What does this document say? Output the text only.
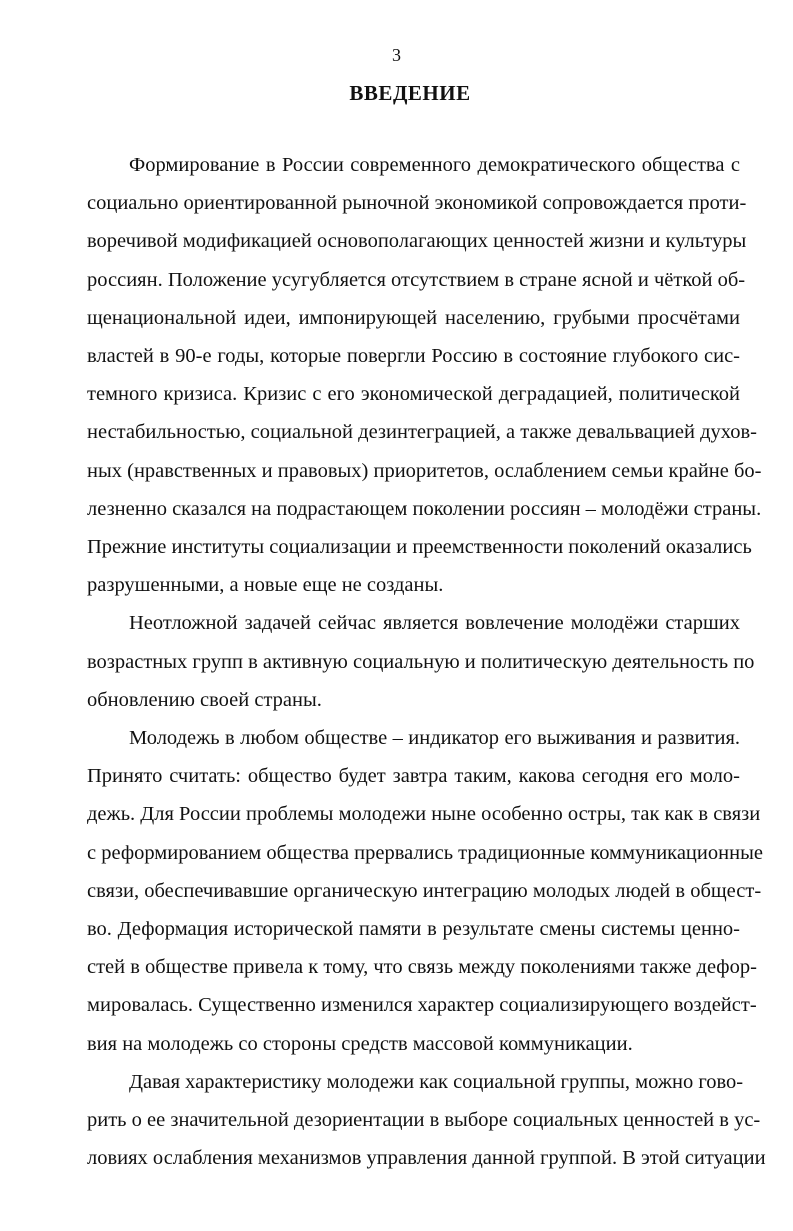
3
ВВЕДЕНИЕ

Формирование в России современного демократического общества с
социально ориентированной рыночной экономикой сопровождается проти-
воречивой модификацией основополагающих ценностей жизни и культуры
россиян. Положение усугубляется отсутствием в стране ясной и чёткой об-
щенациональной идеи, импонирующей населению, грубыми просчётами
властей в 90-е годы, которые повергли Россию в состояние глубокого сис-
темного кризиса. Кризис с его экономической деградацией, политической
нестабильностью, социальной дезинтеграцией, а также девальвацией духов-
ных (нравственных и правовых) приоритетов, ослаблением семьи крайне бо-
лезненно сказался на подрастающем поколении россиян – молодёжи страны.
Прежние институты социализации и преемственности поколений оказались
разрушенными, а новые еще не созданы.

Неотложной задачей сейчас является вовлечение молодёжи старших
возрастных групп в активную социальную и политическую деятельность по
обновлению своей страны.

Молодежь в любом обществе – индикатор его выживания и развития.
Принято считать: общество будет завтра таким, какова сегодня его моло-
дежь. Для России проблемы молодежи ныне особенно остры, так как в связи
с реформированием общества прервались традиционные коммуникационные
связи, обеспечивавшие органическую интеграцию молодых людей в общест-
во. Деформация исторической памяти в результате смены системы ценно-
стей в обществе привела к тому, что связь между поколениями также дефор-
мировалась. Существенно изменился характер социализирующего воздейст-
вия на молодежь со стороны средств массовой коммуникации.

Давая характеристику молодежи как социальной группы, можно гово-
рить о ее значительной дезориентации в выборе социальных ценностей в ус-
ловиях ослабления механизмов управления данной группой. В этой ситуации
